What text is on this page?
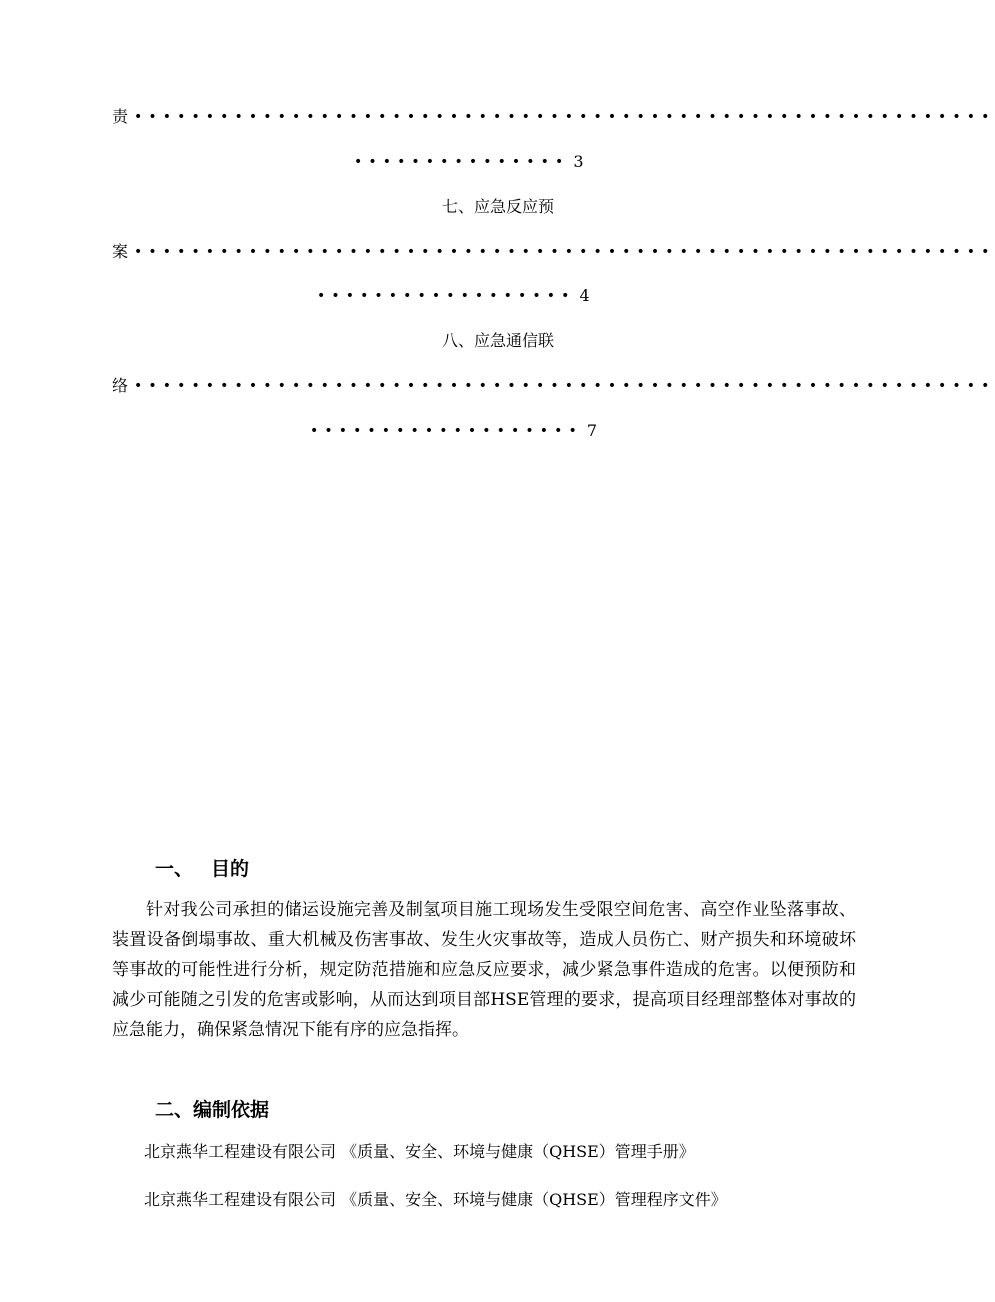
责 ••••••••••••••••••••••••••••••••••••••••••••••••••••••••••••
••••••••••••••• 3
七、应急反应预
案 ••••••••••••••••••••••••••••••••••••••••••••••••••••••••••••
•••••••••••••••••• 4
八、应急通信联
络 ••••••••••••••••••••••••••••••••••••••••••••••••••••••••••••
••••••••••••••••••• 7
一、 目的

针对我公司承担的储运设施完善及制氢项目施工现场发生受限空间危害、高空作业坠落事故、装置设备倒塌事故、重大机械及伤害事故、发生火灾事故等，造成人员伤亡、财产损失和环境破坏等事故的可能性进行分析，规定防范措施和应急反应要求，减少紧急事件造成的危害。以便预防和减少可能随之引发的危害或影响，从而达到项目部HSE管理的要求，提高项目经理部整体对事故的应急能力，确保紧急情况下能有序的应急指挥。

二、编制依据
北京燕华工程建设有限公司 《质量、安全、环境与健康（QHSE）管理手册》
北京燕华工程建设有限公司 《质量、安全、环境与健康（QHSE）管理程序文件》
